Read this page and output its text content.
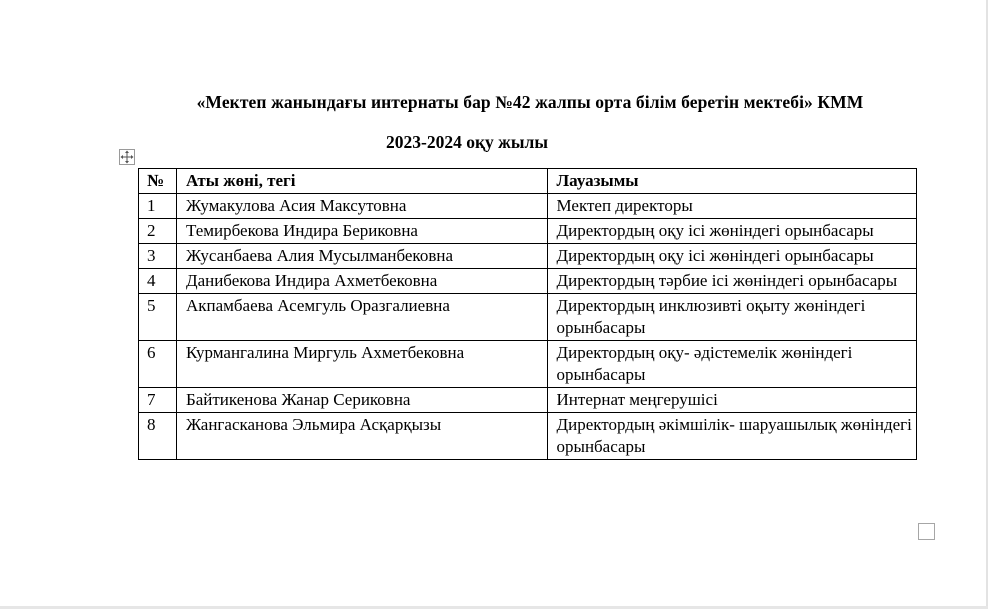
«Мектеп жанындағы интернаты бар №42 жалпы орта білім беретін мектебі» КММ
2023-2024 оқу жылы
№	Аты жөні, тегі	Лауазымы
1	Жумакулова Асия Максутовна	Мектеп директоры
2	Темирбекова Индира Бериковна	Директордың оқу ісі жөніндегі орынбасары
3	Жусанбаева Алия Мусылманбековна	Директордың оқу ісі жөніндегі орынбасары
4	Данибекова Индира Ахметбековна	Директордың тәрбие ісі жөніндегі орынбасары
5	Акпамбаева Асемгуль Оразгалиевна	Директордың инклюзивті оқыту жөніндегі орынбасары
6	Курмангалина Миргуль Ахметбековна	Директордың оқу- әдістемелік жөніндегі орынбасары
7	Байтикенова Жанар Сериковна	Интернат меңгерушісі
8	Жангасканова Эльмира Асқарқызы	Директордың әкімшілік- шаруашылық жөніндегі орынбасары
